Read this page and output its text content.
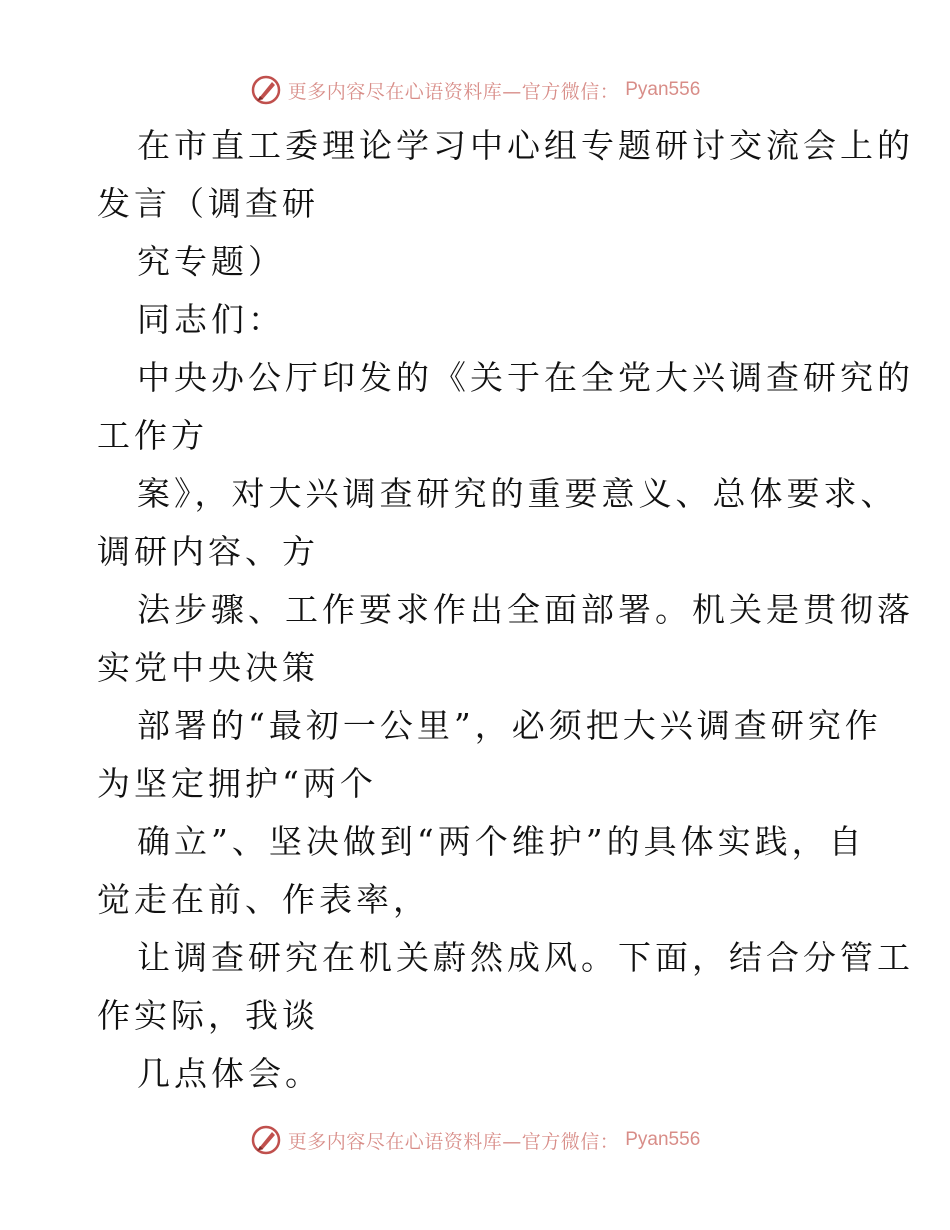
更多内容尽在心语资料库—官方微信： Pyan556
在市直工委理论学习中心组专题研讨交流会上的
发言（调查研
究专题）
同志们：
中央办公厅印发的《关于在全党大兴调查研究的
工作方
案》，对大兴调查研究的重要意义、总体要求、
调研内容、方
法步骤、工作要求作出全面部署。机关是贯彻落
实党中央决策
部署的“最初一公里”，必须把大兴调查研究作
为坚定拥护“两个
确立”、坚决做到“两个维护”的具体实践，自
觉走在前、作表率，
让调查研究在机关蔚然成风。下面，结合分管工
作实际，我谈
几点体会。
更多内容尽在心语资料库—官方微信： Pyan556
